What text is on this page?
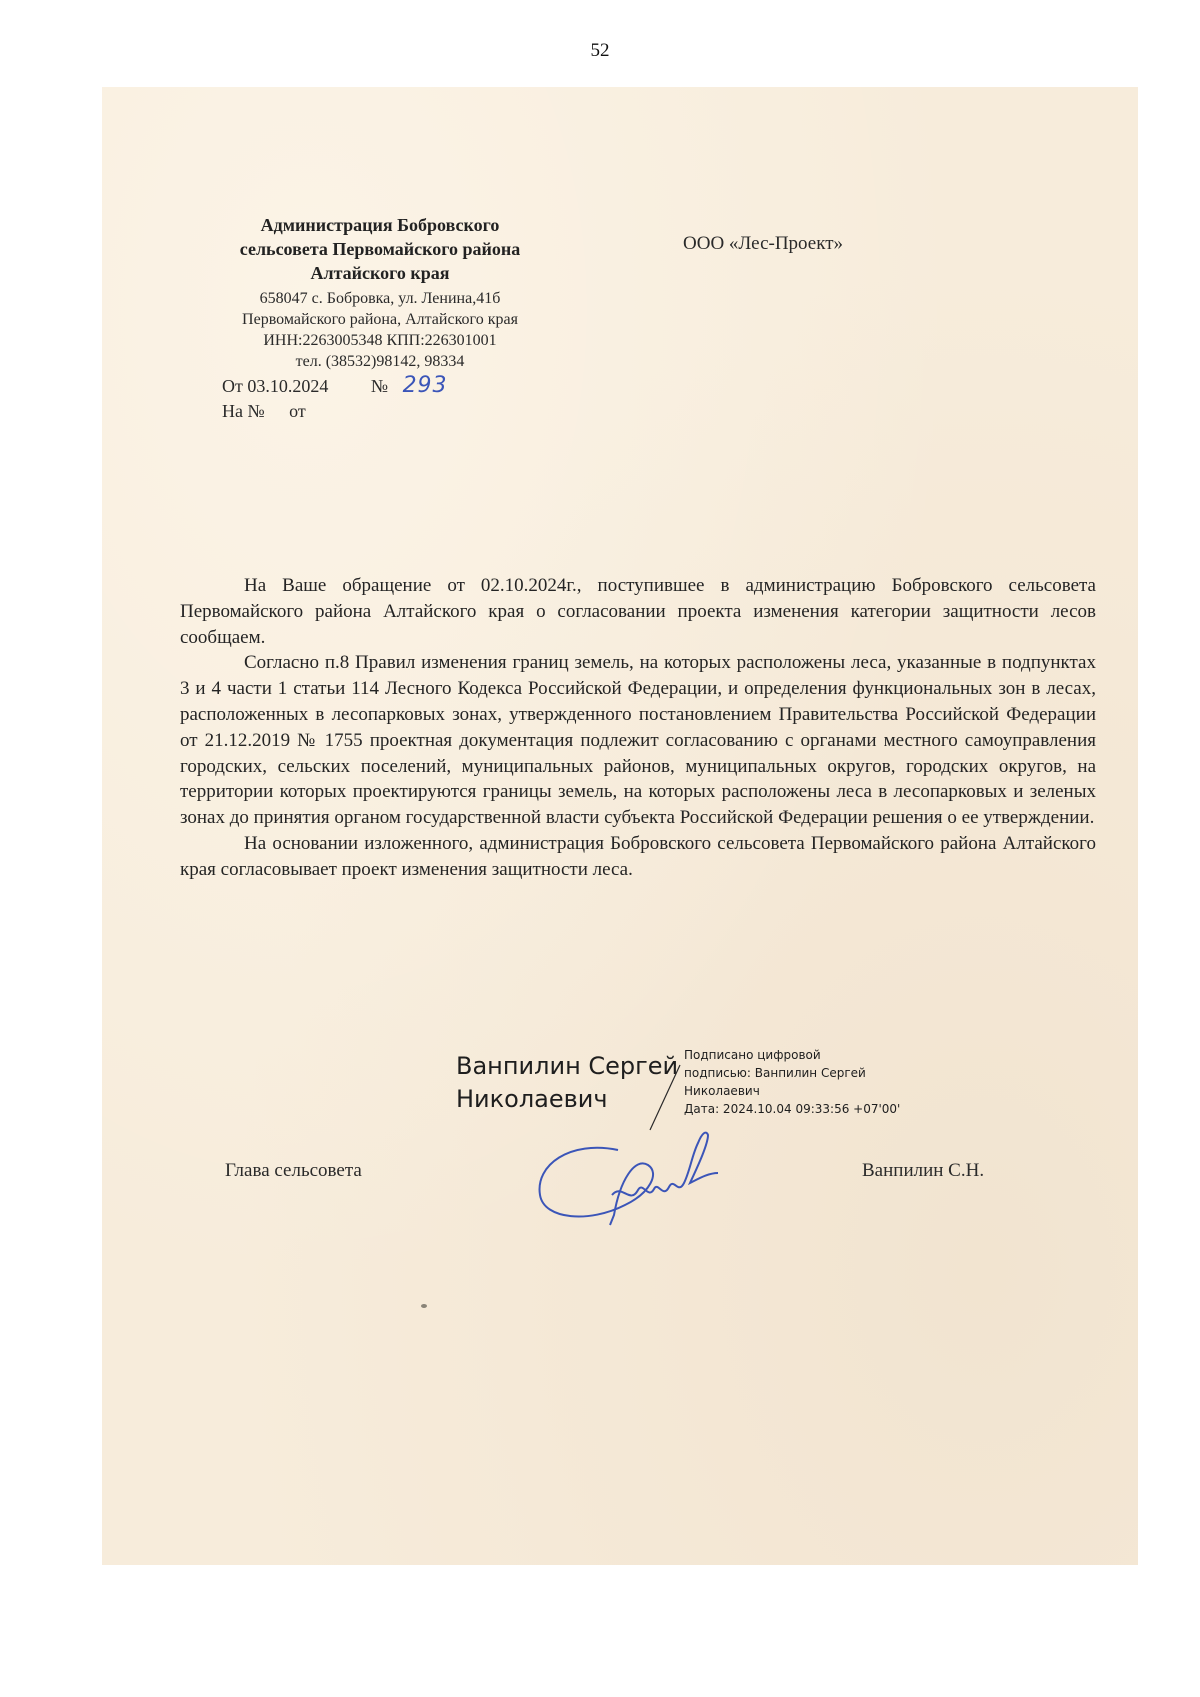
52
Администрация Бобровского
сельсовета Первомайского района
Алтайского края
658047 с. Бобровка, ул. Ленина,41б
Первомайского района, Алтайского края
ИНН:2263005348 КПП:226301001
тел. (38532)98142, 98334
ООО «Лес-Проект»
От 03.10.2024 № 293
На № от

На Ваше обращение от 02.10.2024г., поступившее в администрацию Бобровского сельсовета Первомайского района Алтайского края о согласовании проекта изменения категории защитности лесов сообщаем.

Согласно п.8 Правил изменения границ земель, на которых расположены леса, указанные в подпунктах 3 и 4 части 1 статьи 114 Лесного Кодекса Российской Федерации, и определения функциональных зон в лесах, расположенных в лесопарковых зонах, утвержденного постановлением Правительства Российской Федерации от 21.12.2019 № 1755 проектная документация подлежит согласованию с органами местного самоуправления городских, сельских поселений, муниципальных районов, муниципальных округов, городских округов, на территории которых проектируются границы земель, на которых расположены леса в лесопарковых и зеленых зонах до принятия органом государственной власти субъекта Российской Федерации решения о ее утверждении.

На основании изложенного, администрация Бобровского сельсовета Первомайского района Алтайского края согласовывает проект изменения защитности леса.

Ванпилин Сергей
Николаевич
Подписано цифровой
подписью: Ванпилин Сергей
Николаевич
Дата: 2024.10.04 09:33:56 +07'00'
Глава сельсовета	Ванпилин С.Н.
